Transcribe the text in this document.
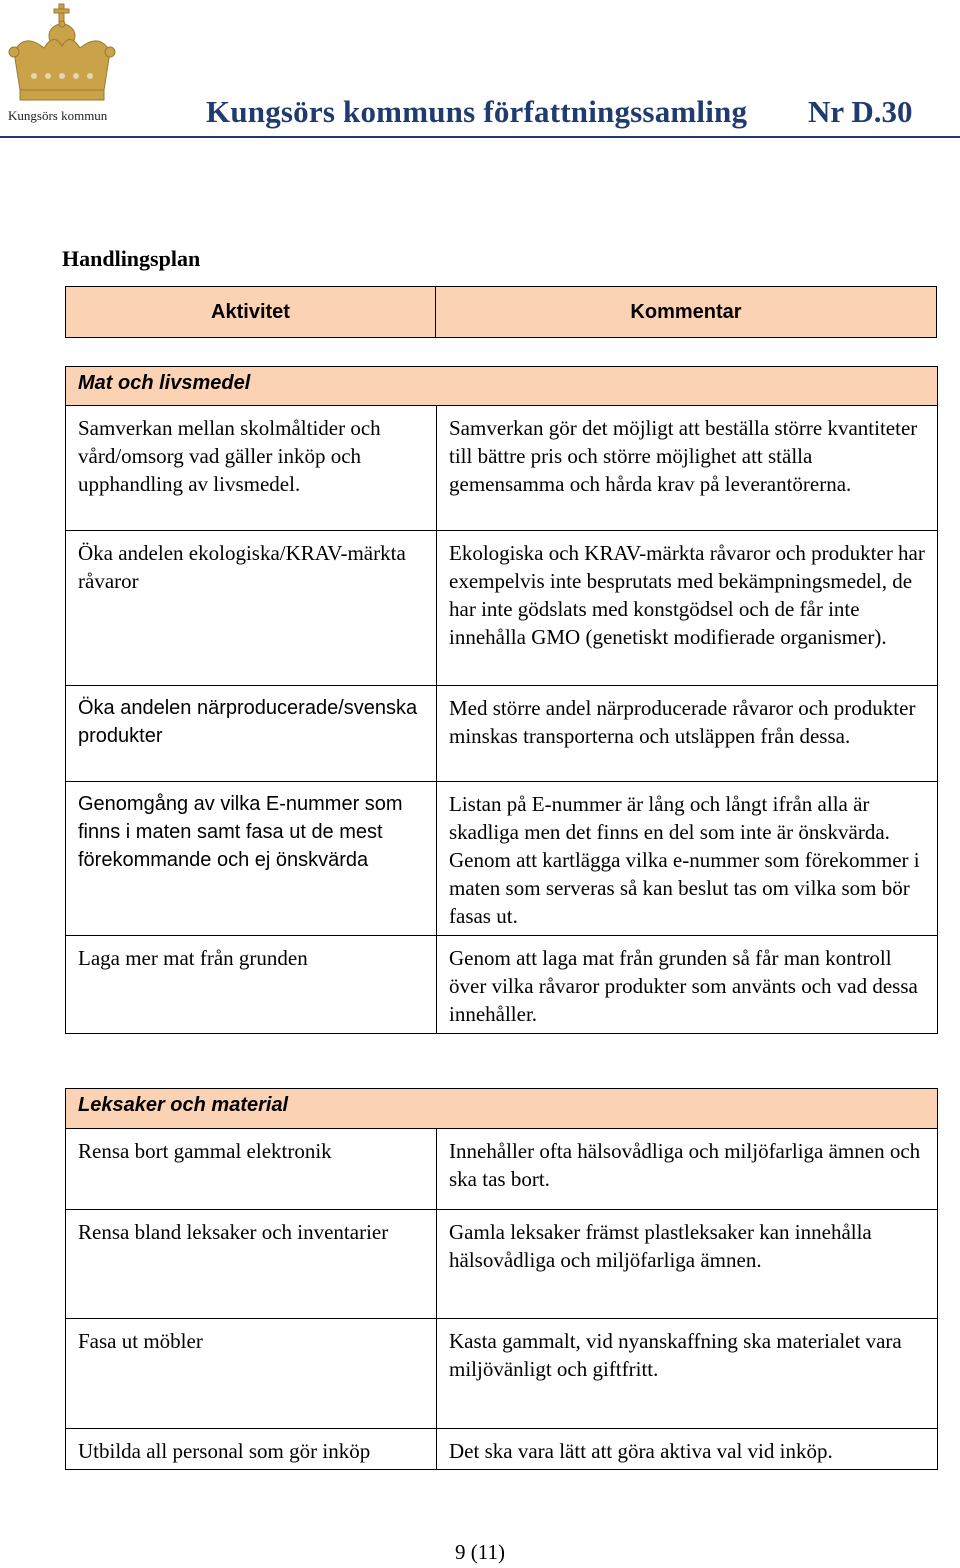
Kungsörs kommun	Kungsörs kommuns författningssamling Nr D.30
Handlingsplan
Aktivitet	Kommentar
Mat och livsmedel	
Samverkan mellan skolmåltider och vård/omsorg vad gäller inköp och upphandling av livsmedel.	Samverkan gör det möjligt att beställa större kvantiteter till bättre pris och större möjlighet att ställa gemensamma och hårda krav på leverantörerna.
Öka andelen ekologiska/KRAV-märkta råvaror	Ekologiska och KRAV-märkta råvaror och produkter har exempelvis inte besprutats med bekämpningsmedel, de har inte gödslats med konstgödsel och de får inte innehålla GMO (genetiskt modifierade organismer).
Öka andelen närproducerade/svenska produkter	Med större andel närproducerade råvaror och produkter minskas transporterna och utsläppen från dessa.
Genomgång av vilka E-nummer som finns i maten samt fasa ut de mest förekommande och ej önskvärda	Listan på E-nummer är lång och långt ifrån alla är skadliga men det finns en del som inte är önskvärda. Genom att kartlägga vilka e-nummer som förekommer i maten som serveras så kan beslut tas om vilka som bör fasas ut.
Laga mer mat från grunden	Genom att laga mat från grunden så får man kontroll över vilka råvaror produkter som använts och vad dessa innehåller.
Leksaker och material	
Rensa bort gammal elektronik	Innehåller ofta hälsovådliga och miljöfarliga ämnen och ska tas bort.
Rensa bland leksaker och inventarier	Gamla leksaker främst plastleksaker kan innehålla hälsovådliga och miljöfarliga ämnen.
Fasa ut möbler	Kasta gammalt, vid nyanskaffning ska materialet vara miljövänligt och giftfritt.
Utbilda all personal som gör inköp	Det ska vara lätt att göra aktiva val vid inköp.
9 (11)
